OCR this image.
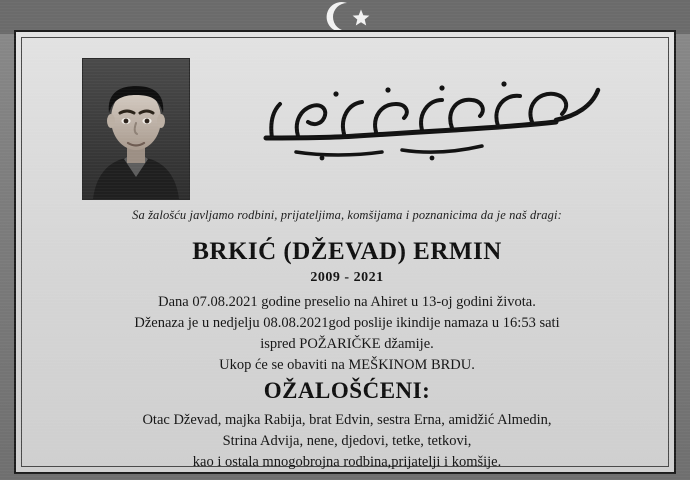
Sa žalošću javljamo rodbini, prijateljima, komšijama i poznanicima da je naš dragi:
BRKIĆ (DŽEVAD) ERMIN
2009 - 2021
Dana 07.08.2021 godine preselio na Ahiret u 13-oj godini života.
Dženaza je u nedjelju 08.08.2021god poslije ikindije namaza u 16:53 sati
ispred POŽARIČKE džamije.
Ukop će se obaviti na MEŠKINOM BRDU.
OŽALOŠĆENI:
Otac Dževad, majka Rabija, brat Edvin, sestra Erna, amidžić Almedin,
Strina Advija, nene, djedovi, tetke, tetkovi,
kao i ostala mnogobrojna rodbina,prijatelji i komšije.
